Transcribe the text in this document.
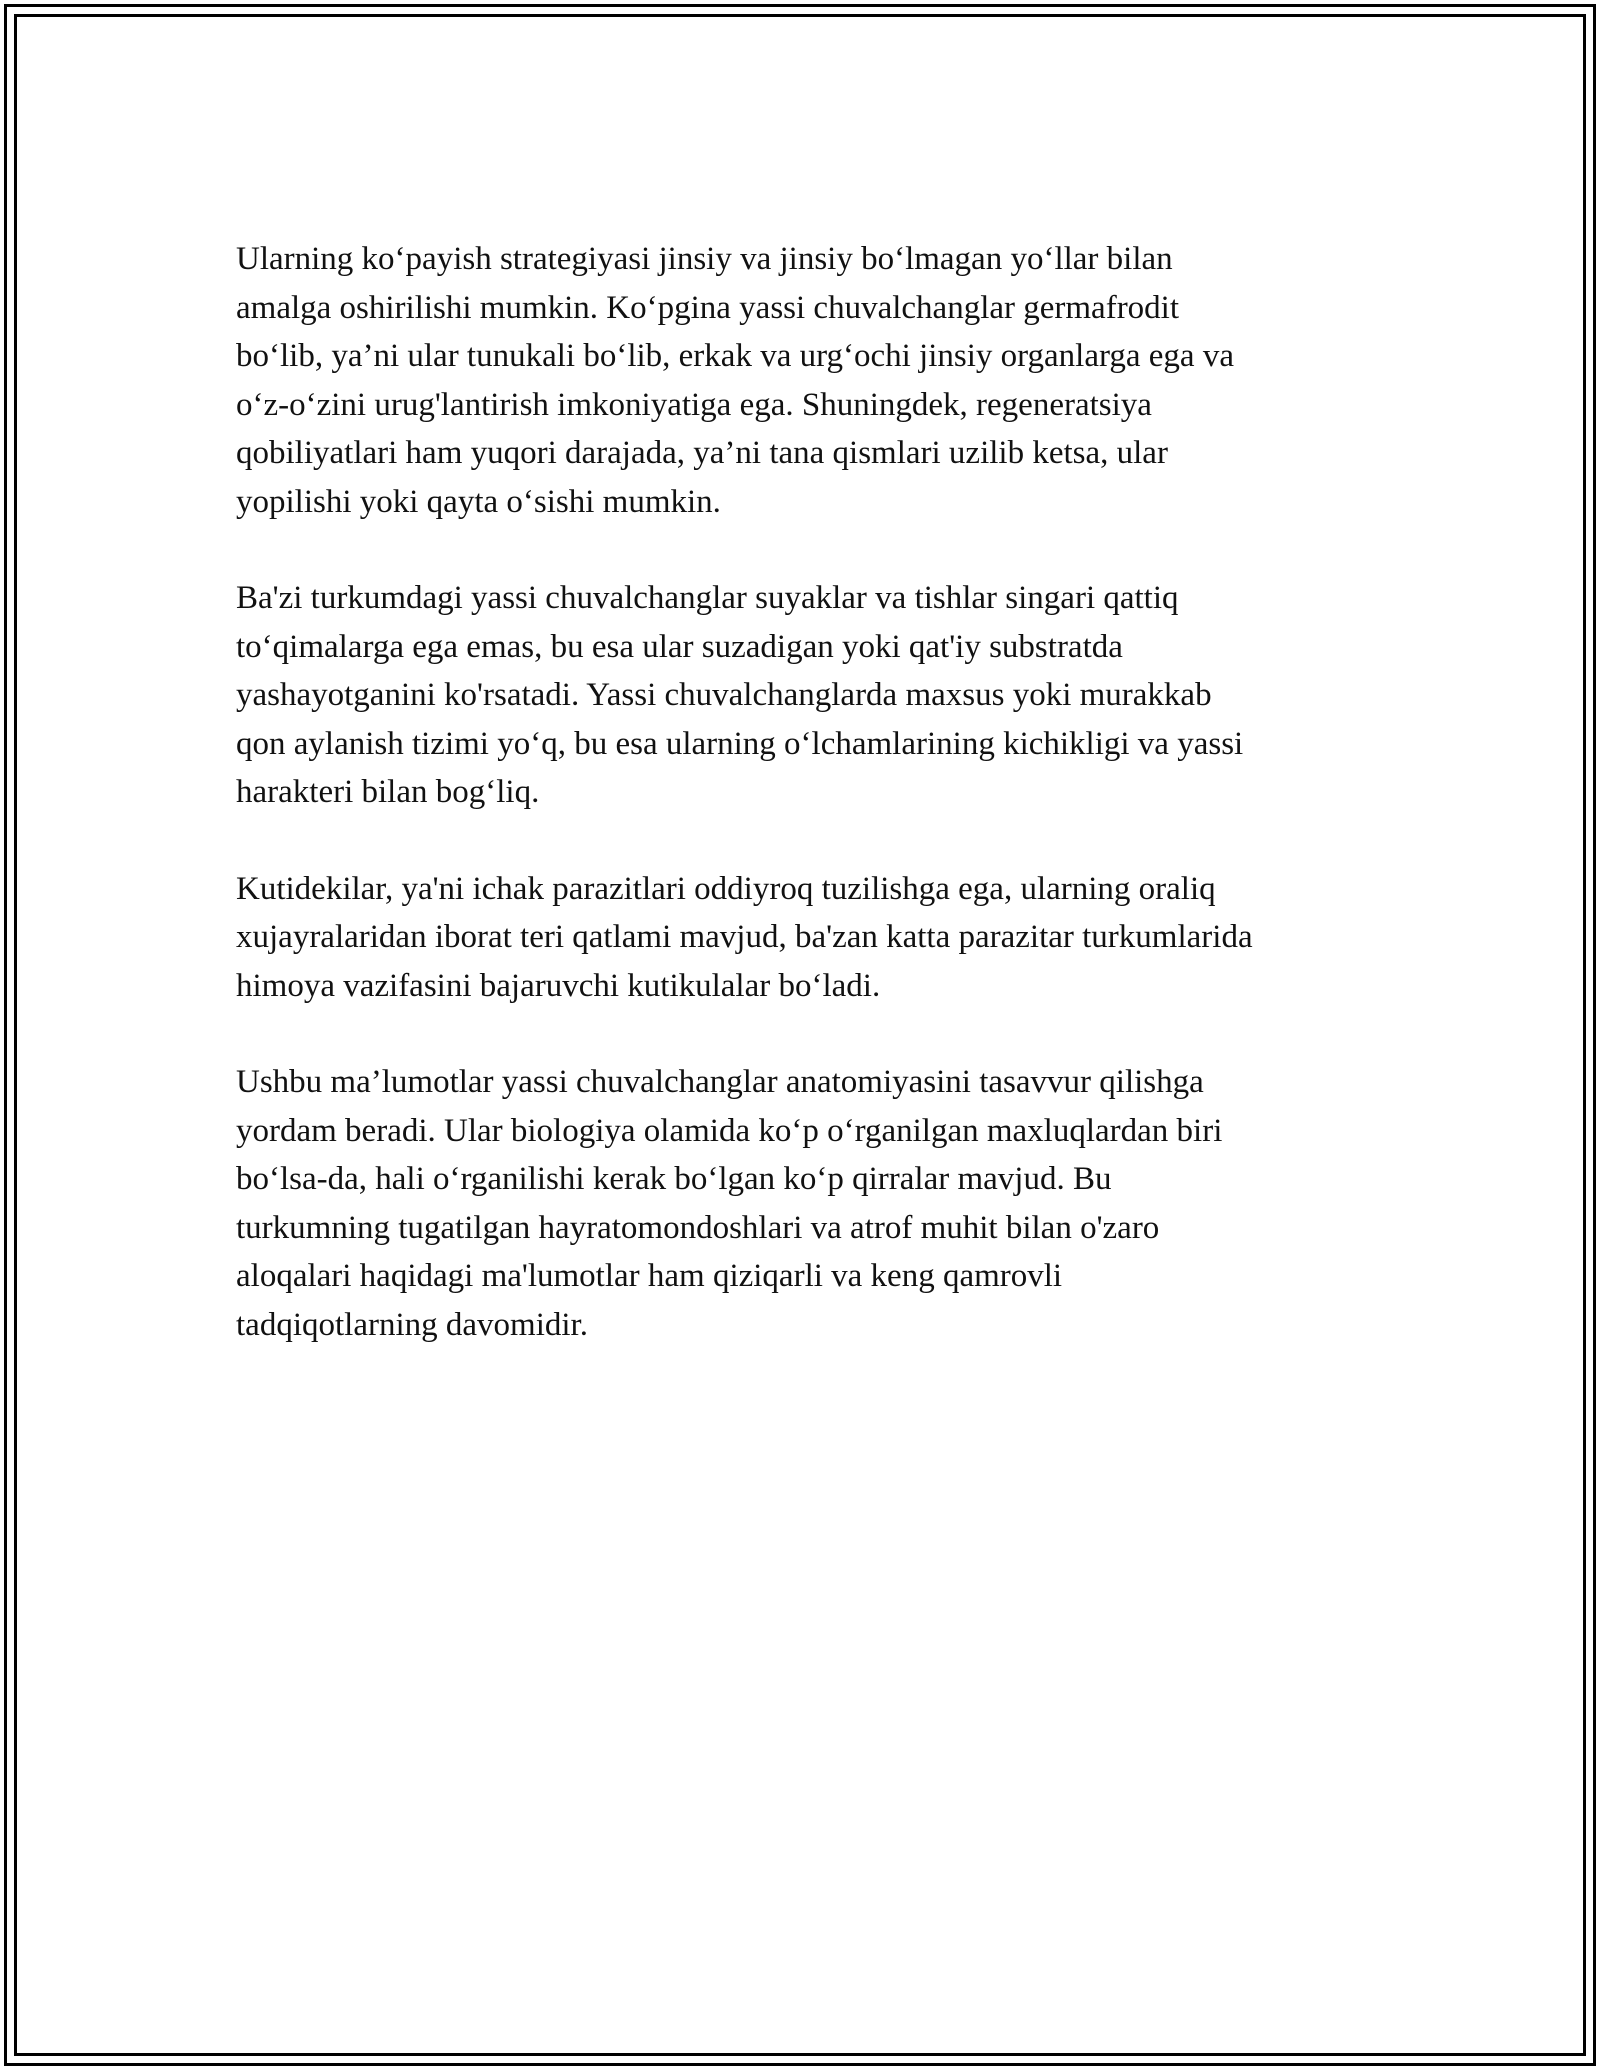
Ularning ko‘payish strategiyasi jinsiy va jinsiy bo‘lmagan yo‘llar bilan
amalga oshirilishi mumkin. Ko‘pgina yassi chuvalchanglar germafrodit
bo‘lib, ya’ni ular tunukali bo‘lib, erkak va urg‘ochi jinsiy organlarga ega va
o‘z-o‘zini urug'lantirish imkoniyatiga ega. Shuningdek, regeneratsiya
qobiliyatlari ham yuqori darajada, ya’ni tana qismlari uzilib ketsa, ular
yopilishi yoki qayta o‘sishi mumkin.

Ba'zi turkumdagi yassi chuvalchanglar suyaklar va tishlar singari qattiq
to‘qimalarga ega emas, bu esa ular suzadigan yoki qat'iy substratda
yashayotganini ko'rsatadi. Yassi chuvalchanglarda maxsus yoki murakkab
qon aylanish tizimi yo‘q, bu esa ularning o‘lchamlarining kichikligi va yassi
harakteri bilan bog‘liq.

Kutidekilar, ya'ni ichak parazitlari oddiyroq tuzilishga ega, ularning oraliq
xujayralaridan iborat teri qatlami mavjud, ba'zan katta parazitar turkumlarida
himoya vazifasini bajaruvchi kutikulalar bo‘ladi.

Ushbu ma’lumotlar yassi chuvalchanglar anatomiyasini tasavvur qilishga
yordam beradi. Ular biologiya olamida ko‘p o‘rganilgan maxluqlardan biri
bo‘lsa-da, hali o‘rganilishi kerak bo‘lgan ko‘p qirralar mavjud. Bu
turkumning tugatilgan hayratomondoshlari va atrof muhit bilan o'zaro
aloqalari haqidagi ma'lumotlar ham qiziqarli va keng qamrovli
tadqiqotlarning davomidir.
